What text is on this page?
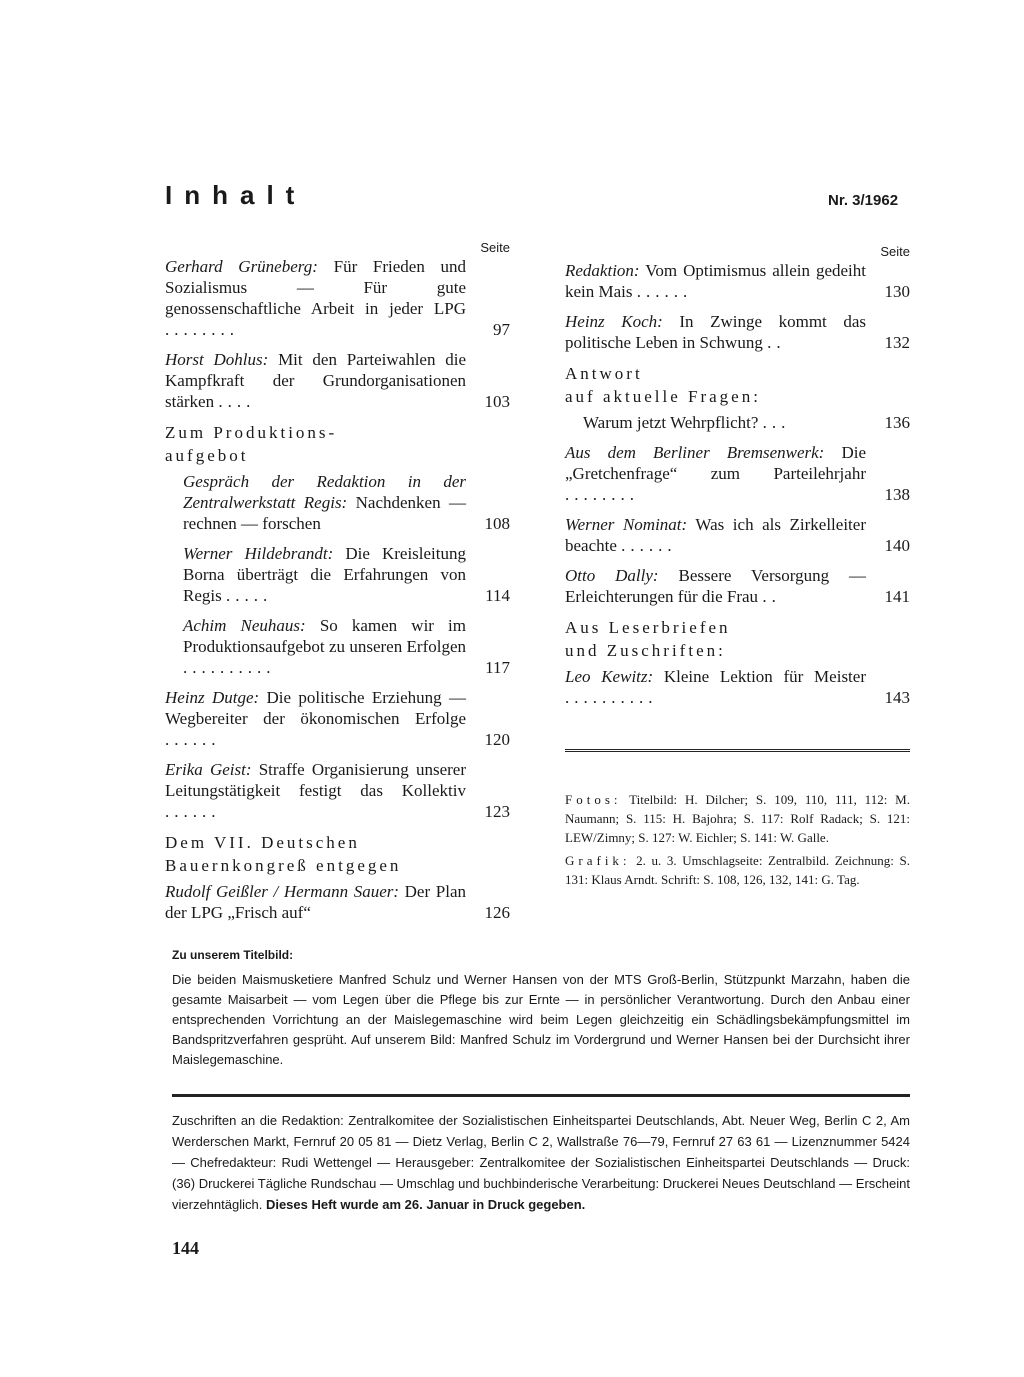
Inhalt	Nr. 3/1962
Seite
Gerhard Grüneberg: Für Frieden und Sozialismus — Für gute genossenschaftliche Arbeit in jeder LPG ........	97
Horst Dohlus: Mit den Parteiwahlen die Kampfkraft der Grundorganisationen stärken ....	103
Zum Produktions-
aufgebot
Gespräch der Redaktion in der Zentralwerkstatt Regis: Nachdenken — rechnen — forschen	108
Werner Hildebrandt: Die Kreisleitung Borna überträgt die Erfahrungen von Regis .....	114
Achim Neuhaus: So kamen wir im Produktionsaufgebot zu unseren Erfolgen ..........	117
Heinz Dutge: Die politische Erziehung — Wegbereiter der ökonomischen Erfolge ......	120
Erika Geist: Straffe Organisierung unserer Leitungstätigkeit festigt das Kollektiv ......	123
Dem VII. Deutschen
Bauernkongreß entgegen
Rudolf Geißler / Hermann Sauer: Der Plan der LPG „Frisch auf“	126
Seite
Redaktion: Vom Optimismus allein gedeiht kein Mais ......	130
Heinz Koch: In Zwinge kommt das politische Leben in Schwung ..	132
Antwort
auf aktuelle Fragen:
Warum jetzt Wehrpflicht? ...	136
Aus dem Berliner Bremsenwerk: Die „Gretchenfrage“ zum Parteilehrjahr ........	138
Werner Nominat: Was ich als Zirkelleiter beachte ......	140
Otto Dally: Bessere Versorgung — Erleichterungen für die Frau ..	141
Aus Leserbriefen
und Zuschriften:
Leo Kewitz: Kleine Lektion für Meister ..........	143

Fotos: Titelbild: H. Dilcher; S. 109, 110, 111, 112: M. Naumann; S. 115: H. Bajohra; S. 117: Rolf Radack; S. 121: LEW/Zimny; S. 127: W. Eichler; S. 141: W. Galle.

Grafik: 2. u. 3. Umschlagseite: Zentralbild. Zeichnung: S. 131: Klaus Arndt. Schrift: S. 108, 126, 132, 141: G. Tag.

Zu unserem Titelbild:
Die beiden Maismusketiere Manfred Schulz und Werner Hansen von der MTS Groß-Berlin, Stützpunkt Marzahn, haben die gesamte Maisarbeit — vom Legen über die Pflege bis zur Ernte — in persönlicher Verantwortung. Durch den Anbau einer entsprechenden Vorrichtung an der Maislegemaschine wird beim Legen gleichzeitig ein Schädlingsbekämpfungsmittel im Bandspritzverfahren gesprüht. Auf unserem Bild: Manfred Schulz im Vordergrund und Werner Hansen bei der Durchsicht ihrer Maislegemaschine.
Zuschriften an die Redaktion: Zentralkomitee der Sozialistischen Einheitspartei Deutschlands, Abt. Neuer Weg, Berlin C 2, Am Werderschen Markt, Fernruf 20 05 81 — Dietz Verlag, Berlin C 2, Wallstraße 76—79, Fernruf 27 63 61 — Lizenznummer 5424 — Chefredakteur: Rudi Wettengel — Herausgeber: Zentralkomitee der Sozialistischen Einheitspartei Deutschlands — Druck: (36) Druckerei Tägliche Rundschau — Umschlag und buchbinderische Verarbeitung: Druckerei Neues Deutschland — Erscheint vierzehntäglich. Dieses Heft wurde am 26. Januar in Druck gegeben.
144
